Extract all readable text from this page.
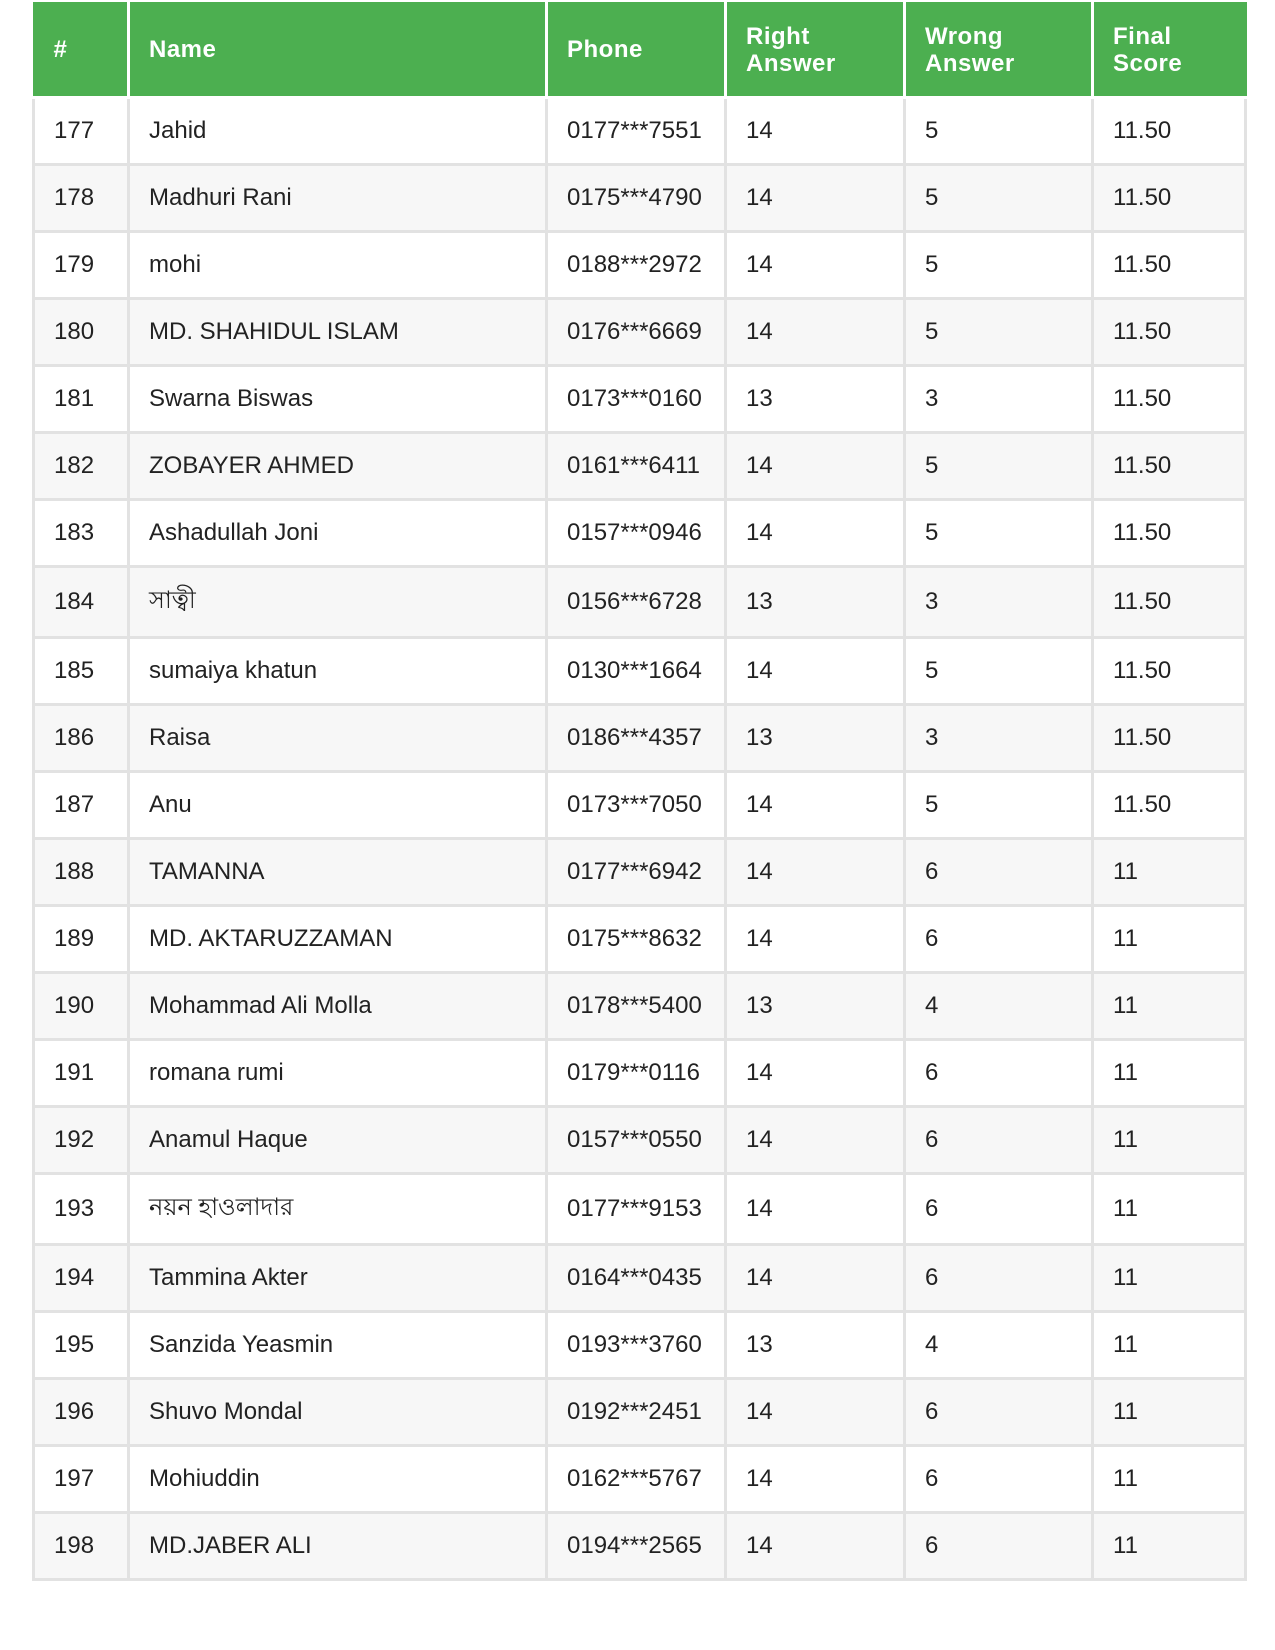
#	Name	Phone	Right Answer	Wrong Answer	Final Score

177	Jahid	0177***7551	14	5	11.50
178	Madhuri Rani	0175***4790	14	5	11.50
179	mohi	0188***2972	14	5	11.50
180	MD. SHAHIDUL ISLAM	0176***6669	14	5	11.50
181	Swarna Biswas	0173***0160	13	3	11.50
182	ZOBAYER AHMED	0161***6411	14	5	11.50
183	Ashadullah Joni	0157***0946	14	5	11.50
184	সাত্বী	0156***6728	13	3	11.50
185	sumaiya khatun	0130***1664	14	5	11.50
186	Raisa	0186***4357	13	3	11.50
187	Anu	0173***7050	14	5	11.50
188	TAMANNA	0177***6942	14	6	11
189	MD. AKTARUZZAMAN	0175***8632	14	6	11
190	Mohammad Ali Molla	0178***5400	13	4	11
191	romana rumi	0179***0116	14	6	11
192	Anamul Haque	0157***0550	14	6	11
193	নয়ন হাওলাদার	0177***9153	14	6	11
194	Tammina Akter	0164***0435	14	6	11
195	Sanzida Yeasmin	0193***3760	13	4	11
196	Shuvo Mondal	0192***2451	14	6	11
197	Mohiuddin	0162***5767	14	6	11
198	MD.JABER ALI	0194***2565	14	6	11
